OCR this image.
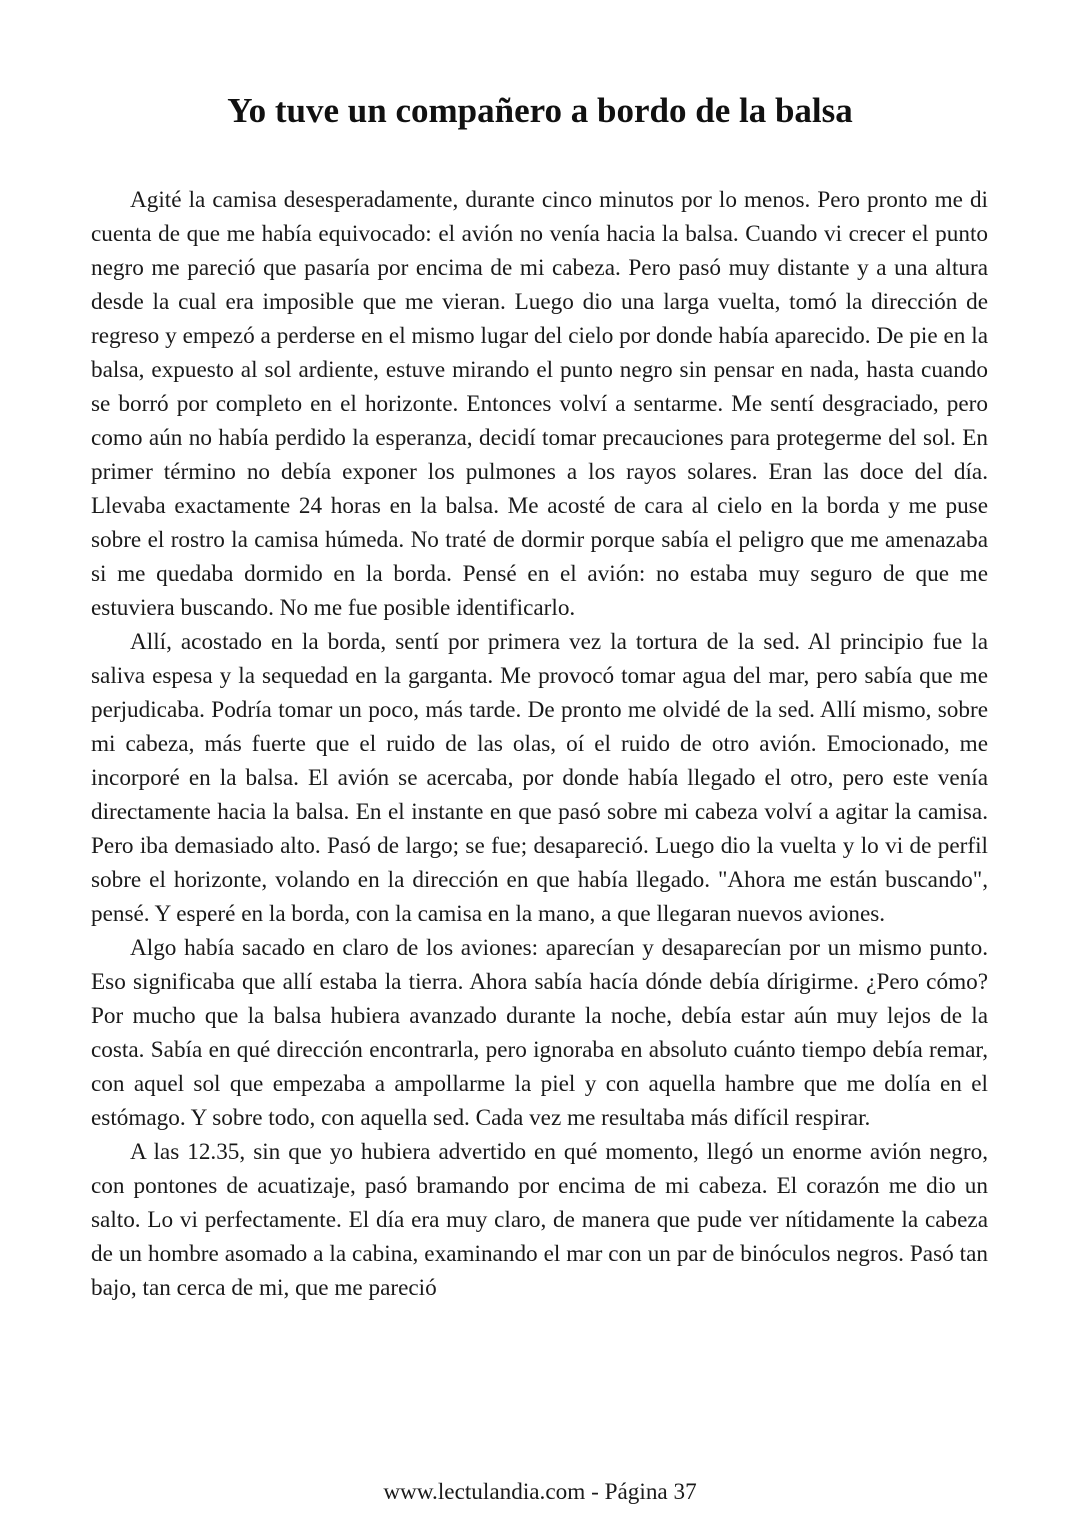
Yo tuve un compañero a bordo de la balsa

Agité la camisa desesperadamente, durante cinco minutos por lo menos. Pero pronto me di cuenta de que me había equivocado: el avión no venía hacia la balsa. Cuando vi crecer el punto negro me pareció que pasaría por encima de mi cabeza. Pero pasó muy distante y a una altura desde la cual era imposible que me vieran. Luego dio una larga vuelta, tomó la dirección de regreso y empezó a perderse en el mismo lugar del cielo por donde había aparecido. De pie en la balsa, expuesto al sol ardiente, estuve mirando el punto negro sin pensar en nada, hasta cuando se borró por completo en el horizonte. Entonces volví a sentarme. Me sentí desgraciado, pero como aún no había perdido la esperanza, decidí tomar precauciones para protegerme del sol. En primer término no debía exponer los pulmones a los rayos solares. Eran las doce del día. Llevaba exactamente 24 horas en la balsa. Me acosté de cara al cielo en la borda y me puse sobre el rostro la camisa húmeda. No traté de dormir porque sabía el peligro que me amenazaba si me quedaba dormido en la borda. Pensé en el avión: no estaba muy seguro de que me estuviera buscando. No me fue posible identificarlo.

Allí, acostado en la borda, sentí por primera vez la tortura de la sed. Al principio fue la saliva espesa y la sequedad en la garganta. Me provocó tomar agua del mar, pero sabía que me perjudicaba. Podría tomar un poco, más tarde. De pronto me olvidé de la sed. Allí mismo, sobre mi cabeza, más fuerte que el ruido de las olas, oí el ruido de otro avión. Emocionado, me incorporé en la balsa. El avión se acercaba, por donde había llegado el otro, pero este venía directamente hacia la balsa. En el instante en que pasó sobre mi cabeza volví a agitar la camisa. Pero iba demasiado alto. Pasó de largo; se fue; desapareció. Luego dio la vuelta y lo vi de perfil sobre el horizonte, volando en la dirección en que había llegado. "Ahora me están buscando", pensé. Y esperé en la borda, con la camisa en la mano, a que llegaran nuevos aviones.

Algo había sacado en claro de los aviones: aparecían y desaparecían por un mismo punto. Eso significaba que allí estaba la tierra. Ahora sabía hacía dónde debía dírigirme. ¿Pero cómo? Por mucho que la balsa hubiera avanzado durante la noche, debía estar aún muy lejos de la costa. Sabía en qué dirección encontrarla, pero ignoraba en absoluto cuánto tiempo debía remar, con aquel sol que empezaba a ampollarme la piel y con aquella hambre que me dolía en el estómago. Y sobre todo, con aquella sed. Cada vez me resultaba más difícil respirar.

A las 12.35, sin que yo hubiera advertido en qué momento, llegó un enorme avión negro, con pontones de acuatizaje, pasó bramando por encima de mi cabeza. El corazón me dio un salto. Lo vi perfectamente. El día era muy claro, de manera que pude ver nítidamente la cabeza de un hombre asomado a la cabina, examinando el mar con un par de binóculos negros. Pasó tan bajo, tan cerca de mi, que me pareció

www.lectulandia.com - Página 37
